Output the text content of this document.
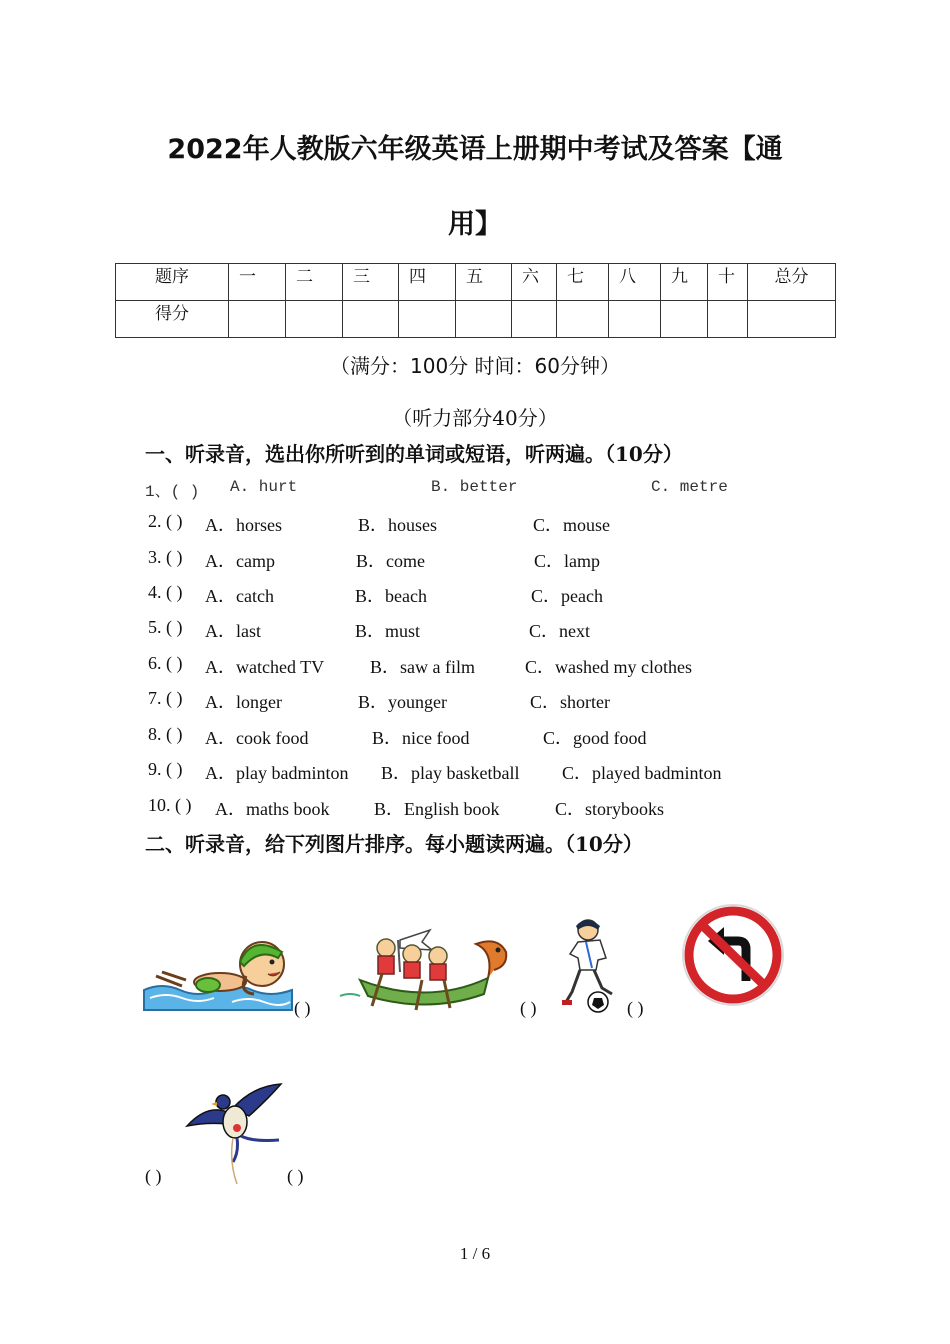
2022年人教版六年级英语上册期中考试及答案【通
用】
题序	一	二	三	四	五	六	七	八	九	十	总分
得分											
（满分：100分 时间：60分钟）
（听力部分40分）
一、听录音，选出你所听到的单词或短语，听两遍。（10分）
1、( ) A. hurt	B. better	C. metre
2. ( ) A．horses	B．houses	C．mouse
3. ( ) A．camp	B．come	C．lamp
4. ( ) A．catch	B．beach	C．peach
5. ( ) A．last	B．must	C．next
6. ( ) A．watched TV	B．saw a film	C．washed my clothes
7. ( ) A．longer	B．younger	C．shorter
8. ( ) A．cook food	B．nice food	C．good food
9. ( ) A．play badminton B．play basketball C．played badminton
10. ( ) A．maths book B．English book	C．storybooks
二、听录音，给下列图片排序。每小题读两遍。（10分）
( )	( )	( )
( )	( )
1 / 6
